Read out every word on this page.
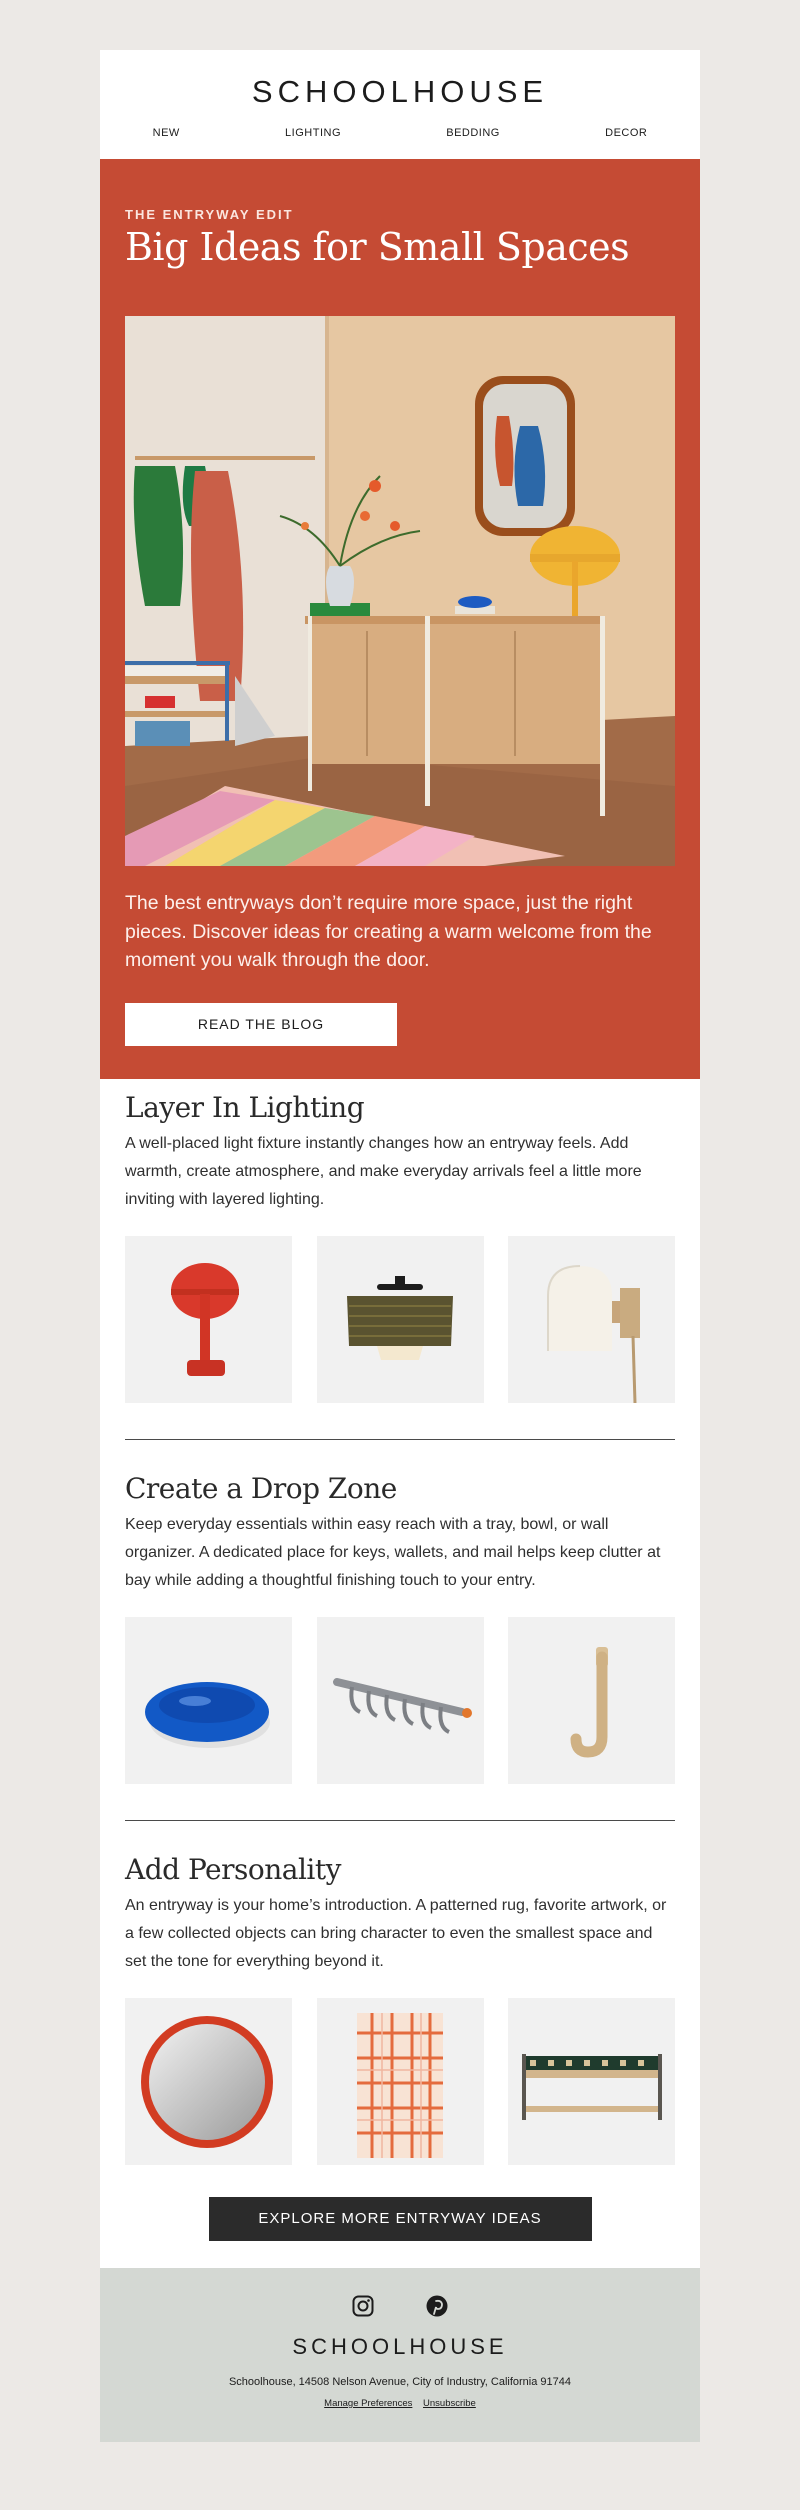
SCHOOLHOUSE
NEW	LIGHTING	BEDDING	DECOR
THE ENTRYWAY EDIT
Big Ideas for Small Spaces
The best entryways don’t require more space, just the right pieces. Discover ideas for creating a warm welcome from the moment you walk through the door.
READ THE BLOG
Layer In Lighting

A well-placed light fixture instantly changes how an entryway feels. Add warmth, create atmosphere, and make everyday arrivals feel a little more inviting with layered lighting.

Create a Drop Zone

Keep everyday essentials within easy reach with a tray, bowl, or wall organizer. A dedicated place for keys, wallets, and mail helps keep clutter at bay while adding a thoughtful finishing touch to your entry.

Add Personality

An entryway is your home’s introduction. A patterned rug, favorite artwork, or a few collected objects can bring character to even the smallest space and set the tone for everything beyond it.

EXPLORE MORE ENTRYWAY IDEAS
SCHOOLHOUSE
Schoolhouse, 14508 Nelson Avenue, City of Industry, California 91744
Manage Preferences Unsubscribe
